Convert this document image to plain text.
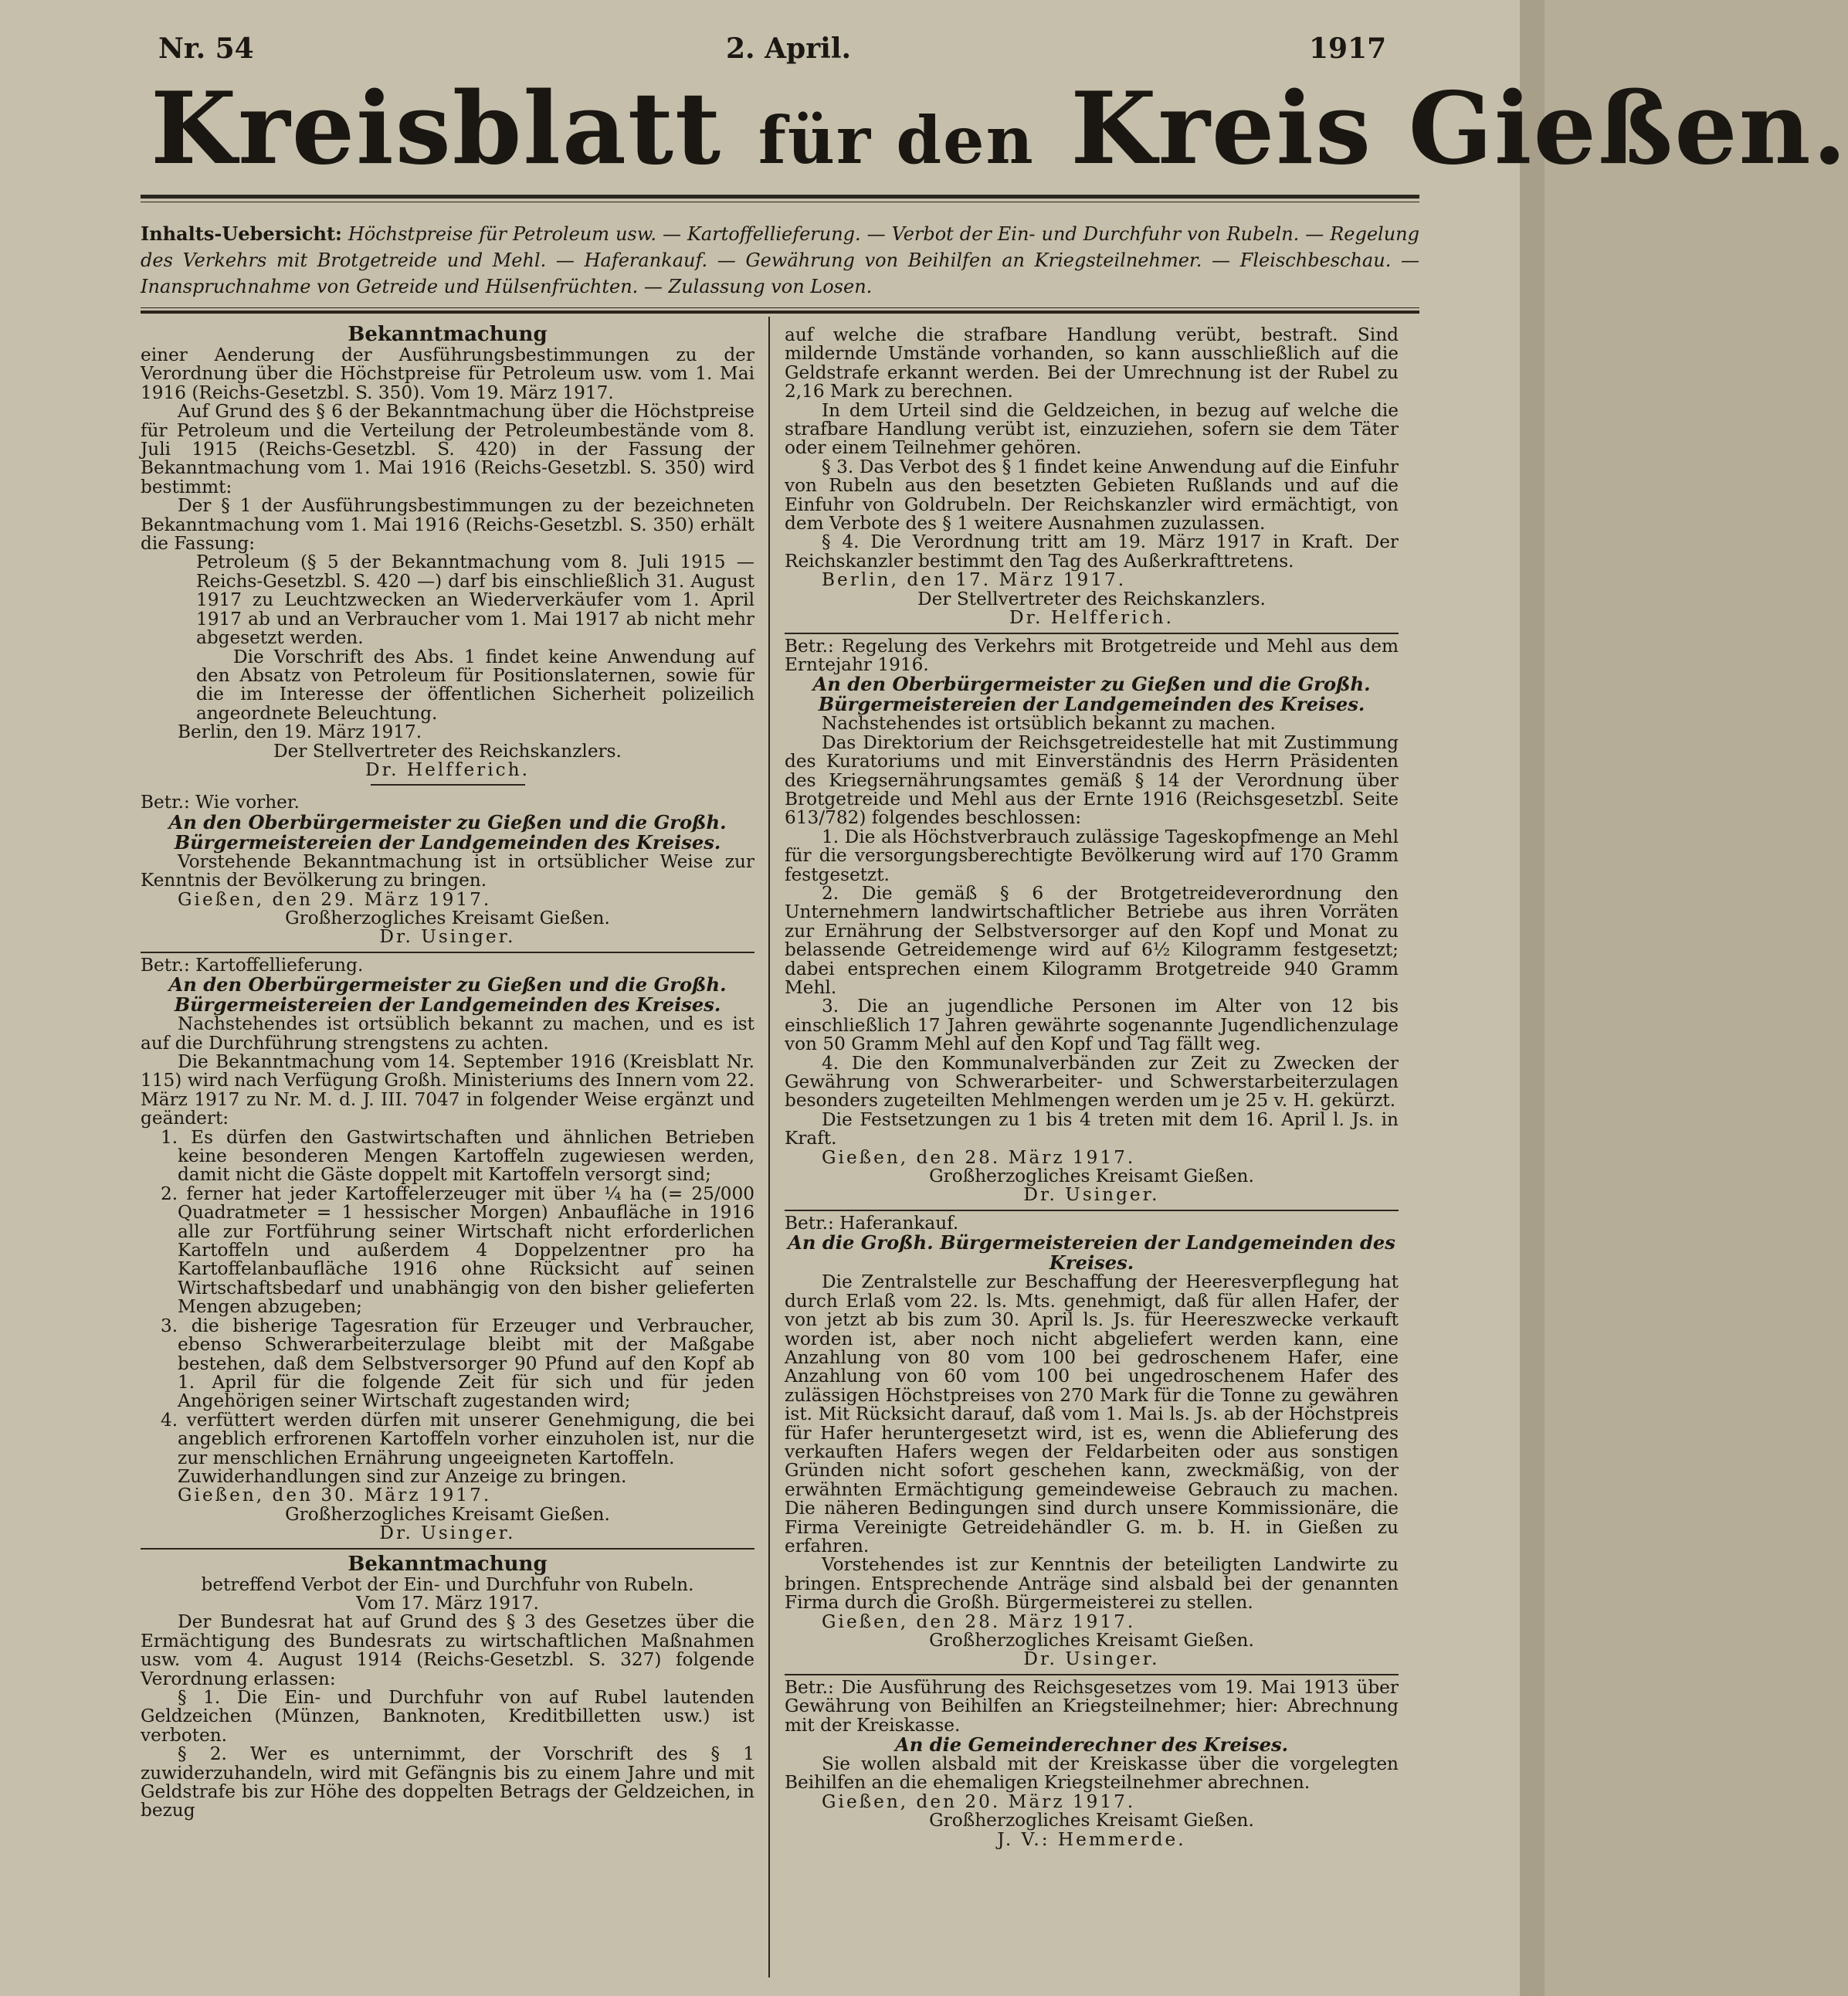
Nr. 54	2. April.	1917
Kreisblatt für den Kreis Gießen.
Inhalts-Uebersicht: Höchstpreise für Petroleum usw. — Kartoffellieferung. — Verbot der Ein- und Durchfuhr von Rubeln. — Regelung des Verkehrs mit Brotgetreide und Mehl. — Haferankauf. — Gewährung von Beihilfen an Kriegsteilnehmer. — Fleischbeschau. — Inanspruchnahme von Getreide und Hülsenfrüchten. — Zulassung von Losen.

Bekanntmachung

einer Aenderung der Ausführungsbestimmungen zu der Verordnung über die Höchstpreise für Petroleum usw. vom 1. Mai 1916 (Reichs-Gesetzbl. S. 350). Vom 19. März 1917.

Auf Grund des § 6 der Bekanntmachung über die Höchstpreise für Petroleum und die Verteilung der Petroleumbestände vom 8. Juli 1915 (Reichs-Gesetzbl. S. 420) in der Fassung der Bekanntmachung vom 1. Mai 1916 (Reichs-Gesetzbl. S. 350) wird bestimmt:

Der § 1 der Ausführungsbestimmungen zu der bezeichneten Bekanntmachung vom 1. Mai 1916 (Reichs-Gesetzbl. S. 350) erhält die Fassung:

Petroleum (§ 5 der Bekanntmachung vom 8. Juli 1915 — Reichs-Gesetzbl. S. 420 —) darf bis einschließlich 31. August 1917 zu Leuchtzwecken an Wiederverkäufer vom 1. April 1917 ab und an Verbraucher vom 1. Mai 1917 ab nicht mehr abgesetzt werden.

Die Vorschrift des Abs. 1 findet keine Anwendung auf den Absatz von Petroleum für Positionslaternen, sowie für die im Interesse der öffentlichen Sicherheit polizeilich angeordnete Beleuchtung.

Berlin, den 19. März 1917.

Der Stellvertreter des Reichskanzlers.

Dr. Helfferich.

Betr.: Wie vorher.

An den Oberbürgermeister zu Gießen und die Großh. Bürgermeistereien der Landgemeinden des Kreises.

Vorstehende Bekanntmachung ist in ortsüblicher Weise zur Kenntnis der Bevölkerung zu bringen.

Gießen, den 29. März 1917.

Großherzogliches Kreisamt Gießen.

Dr. Usinger.

Betr.: Kartoffellieferung.

An den Oberbürgermeister zu Gießen und die Großh. Bürgermeistereien der Landgemeinden des Kreises.

Nachstehendes ist ortsüblich bekannt zu machen, und es ist auf die Durchführung strengstens zu achten.

Die Bekanntmachung vom 14. September 1916 (Kreisblatt Nr. 115) wird nach Verfügung Großh. Ministeriums des Innern vom 22. März 1917 zu Nr. M. d. J. III. 7047 in folgender Weise ergänzt und geändert:

1. Es dürfen den Gastwirtschaften und ähnlichen Betrieben keine besonderen Mengen Kartoffeln zugewiesen werden, damit nicht die Gäste doppelt mit Kartoffeln versorgt sind;

2. ferner hat jeder Kartoffelerzeuger mit über ¼ ha (= 25/000 Quadratmeter = 1 hessischer Morgen) Anbaufläche in 1916 alle zur Fortführung seiner Wirtschaft nicht erforderlichen Kartoffeln und außerdem 4 Doppelzentner pro ha Kartoffelanbaufläche 1916 ohne Rücksicht auf seinen Wirtschaftsbedarf und unabhängig von den bisher gelieferten Mengen abzugeben;

3. die bisherige Tagesration für Erzeuger und Verbraucher, ebenso Schwerarbeiterzulage bleibt mit der Maßgabe bestehen, daß dem Selbstversorger 90 Pfund auf den Kopf ab 1. April für die folgende Zeit für sich und für jeden Angehörigen seiner Wirtschaft zugestanden wird;

4. verfüttert werden dürfen mit unserer Genehmigung, die bei angeblich erfrorenen Kartoffeln vorher einzuholen ist, nur die zur menschlichen Ernährung ungeeigneten Kartoffeln.

Zuwiderhandlungen sind zur Anzeige zu bringen.

Gießen, den 30. März 1917.

Großherzogliches Kreisamt Gießen.

Dr. Usinger.

Bekanntmachung

betreffend Verbot der Ein- und Durchfuhr von Rubeln.

Vom 17. März 1917.

Der Bundesrat hat auf Grund des § 3 des Gesetzes über die Ermächtigung des Bundesrats zu wirtschaftlichen Maßnahmen usw. vom 4. August 1914 (Reichs-Gesetzbl. S. 327) folgende Verordnung erlassen:

§ 1. Die Ein- und Durchfuhr von auf Rubel lautenden Geldzeichen (Münzen, Banknoten, Kreditbilletten usw.) ist verboten.

§ 2. Wer es unternimmt, der Vorschrift des § 1 zuwiderzuhandeln, wird mit Gefängnis bis zu einem Jahre und mit Geldstrafe bis zur Höhe des doppelten Betrags der Geldzeichen, in bezug

auf welche die strafbare Handlung verübt, bestraft. Sind mildernde Umstände vorhanden, so kann ausschließlich auf die Geldstrafe erkannt werden. Bei der Umrechnung ist der Rubel zu 2,16 Mark zu berechnen.

In dem Urteil sind die Geldzeichen, in bezug auf welche die strafbare Handlung verübt ist, einzuziehen, sofern sie dem Täter oder einem Teilnehmer gehören.

§ 3. Das Verbot des § 1 findet keine Anwendung auf die Einfuhr von Rubeln aus den besetzten Gebieten Rußlands und auf die Einfuhr von Goldrubeln. Der Reichskanzler wird ermächtigt, von dem Verbote des § 1 weitere Ausnahmen zuzulassen.

§ 4. Die Verordnung tritt am 19. März 1917 in Kraft. Der Reichskanzler bestimmt den Tag des Außerkrafttretens.

Berlin, den 17. März 1917.

Der Stellvertreter des Reichskanzlers.

Dr. Helfferich.

Betr.: Regelung des Verkehrs mit Brotgetreide und Mehl aus dem Erntejahr 1916.

An den Oberbürgermeister zu Gießen und die Großh. Bürgermeistereien der Landgemeinden des Kreises.

Nachstehendes ist ortsüblich bekannt zu machen.

Das Direktorium der Reichsgetreidestelle hat mit Zustimmung des Kuratoriums und mit Einverständnis des Herrn Präsidenten des Kriegsernährungsamtes gemäß § 14 der Verordnung über Brotgetreide und Mehl aus der Ernte 1916 (Reichsgesetzbl. Seite 613/782) folgendes beschlossen:

1. Die als Höchstverbrauch zulässige Tageskopfmenge an Mehl für die versorgungsberechtigte Bevölkerung wird auf 170 Gramm festgesetzt.

2. Die gemäß § 6 der Brotgetreideverordnung den Unternehmern landwirtschaftlicher Betriebe aus ihren Vorräten zur Ernährung der Selbstversorger auf den Kopf und Monat zu belassende Getreidemenge wird auf 6½ Kilogramm festgesetzt; dabei entsprechen einem Kilogramm Brotgetreide 940 Gramm Mehl.

3. Die an jugendliche Personen im Alter von 12 bis einschließlich 17 Jahren gewährte sogenannte Jugendlichenzulage von 50 Gramm Mehl auf den Kopf und Tag fällt weg.

4. Die den Kommunalverbänden zur Zeit zu Zwecken der Gewährung von Schwerarbeiter- und Schwerstarbeiterzulagen besonders zugeteilten Mehlmengen werden um je 25 v. H. gekürzt.

Die Festsetzungen zu 1 bis 4 treten mit dem 16. April l. Js. in Kraft.

Gießen, den 28. März 1917.

Großherzogliches Kreisamt Gießen.

Dr. Usinger.

Betr.: Haferankauf.

An die Großh. Bürgermeistereien der Landgemeinden des Kreises.

Die Zentralstelle zur Beschaffung der Heeresverpflegung hat durch Erlaß vom 22. ls. Mts. genehmigt, daß für allen Hafer, der von jetzt ab bis zum 30. April ls. Js. für Heereszwecke verkauft worden ist, aber noch nicht abgeliefert werden kann, eine Anzahlung von 80 vom 100 bei gedroschenem Hafer, eine Anzahlung von 60 vom 100 bei ungedroschenem Hafer des zulässigen Höchstpreises von 270 Mark für die Tonne zu gewähren ist. Mit Rücksicht darauf, daß vom 1. Mai ls. Js. ab der Höchstpreis für Hafer heruntergesetzt wird, ist es, wenn die Ablieferung des verkauften Hafers wegen der Feldarbeiten oder aus sonstigen Gründen nicht sofort geschehen kann, zweckmäßig, von der erwähnten Ermächtigung gemeindeweise Gebrauch zu machen. Die näheren Bedingungen sind durch unsere Kommissionäre, die Firma Vereinigte Getreidehändler G. m. b. H. in Gießen zu erfahren.

Vorstehendes ist zur Kenntnis der beteiligten Landwirte zu bringen. Entsprechende Anträge sind alsbald bei der genannten Firma durch die Großh. Bürgermeisterei zu stellen.

Gießen, den 28. März 1917.

Großherzogliches Kreisamt Gießen.

Dr. Usinger.

Betr.: Die Ausführung des Reichsgesetzes vom 19. Mai 1913 über Gewährung von Beihilfen an Kriegsteilnehmer; hier: Abrechnung mit der Kreiskasse.

An die Gemeinderechner des Kreises.

Sie wollen alsbald mit der Kreiskasse über die vorgelegten Beihilfen an die ehemaligen Kriegsteilnehmer abrechnen.

Gießen, den 20. März 1917.

Großherzogliches Kreisamt Gießen.

J. V.: Hemmerde.
